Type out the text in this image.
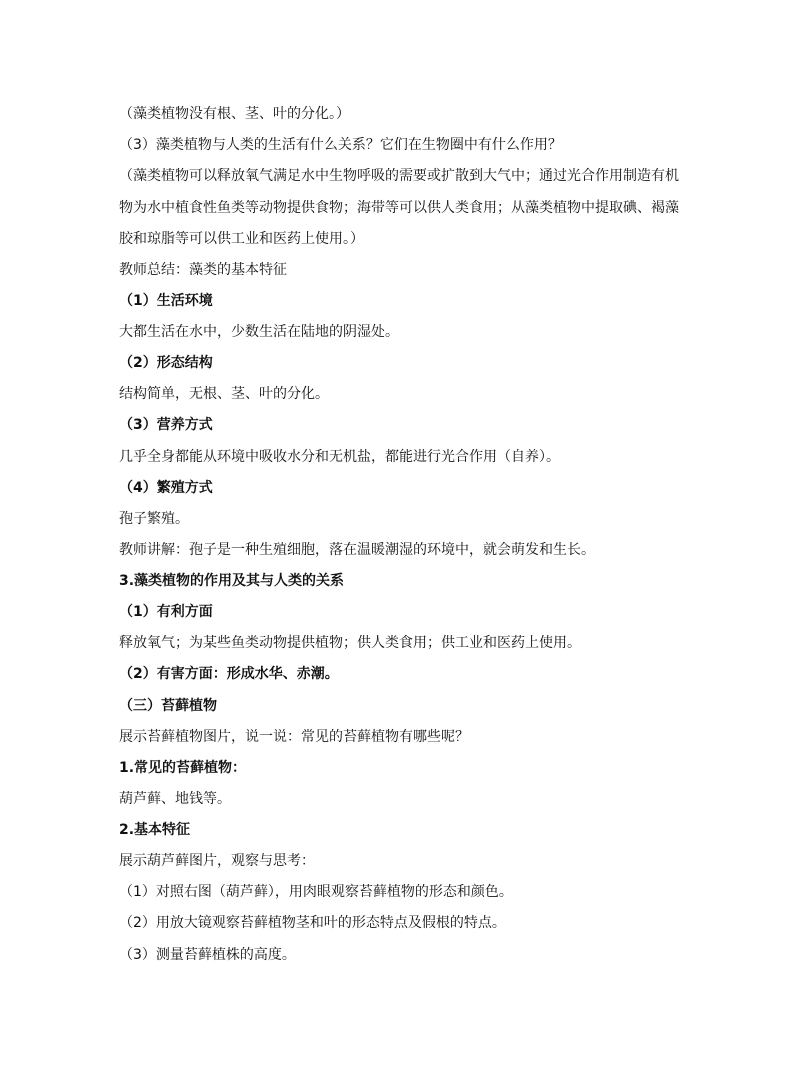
（藻类植物没有根、茎、叶的分化。）
（3）藻类植物与人类的生活有什么关系？它们在生物圈中有什么作用？
（藻类植物可以释放氧气满足水中生物呼吸的需要或扩散到大气中；通过光合作用制造有机
物为水中植食性鱼类等动物提供食物；海带等可以供人类食用；从藻类植物中提取碘、褐藻
胶和琼脂等可以供工业和医药上使用。）
教师总结：藻类的基本特征
（1）生活环境
大都生活在水中，少数生活在陆地的阴湿处。
（2）形态结构
结构简单，无根、茎、叶的分化。
（3）营养方式
几乎全身都能从环境中吸收水分和无机盐，都能进行光合作用（自养）。
（4）繁殖方式
孢子繁殖。
教师讲解：孢子是一种生殖细胞，落在温暖潮湿的环境中，就会萌发和生长。
3.藻类植物的作用及其与人类的关系
（1）有利方面
释放氧气；为某些鱼类动物提供植物；供人类食用；供工业和医药上使用。
（2）有害方面：形成水华、赤潮。
（三）苔藓植物
展示苔藓植物图片，说一说：常见的苔藓植物有哪些呢？
1.常见的苔藓植物：
葫芦藓、地钱等。
2.基本特征
展示葫芦藓图片，观察与思考：
（1）对照右图（葫芦藓），用肉眼观察苔藓植物的形态和颜色。
（2）用放大镜观察苔藓植物茎和叶的形态特点及假根的特点。
（3）测量苔藓植株的高度。
